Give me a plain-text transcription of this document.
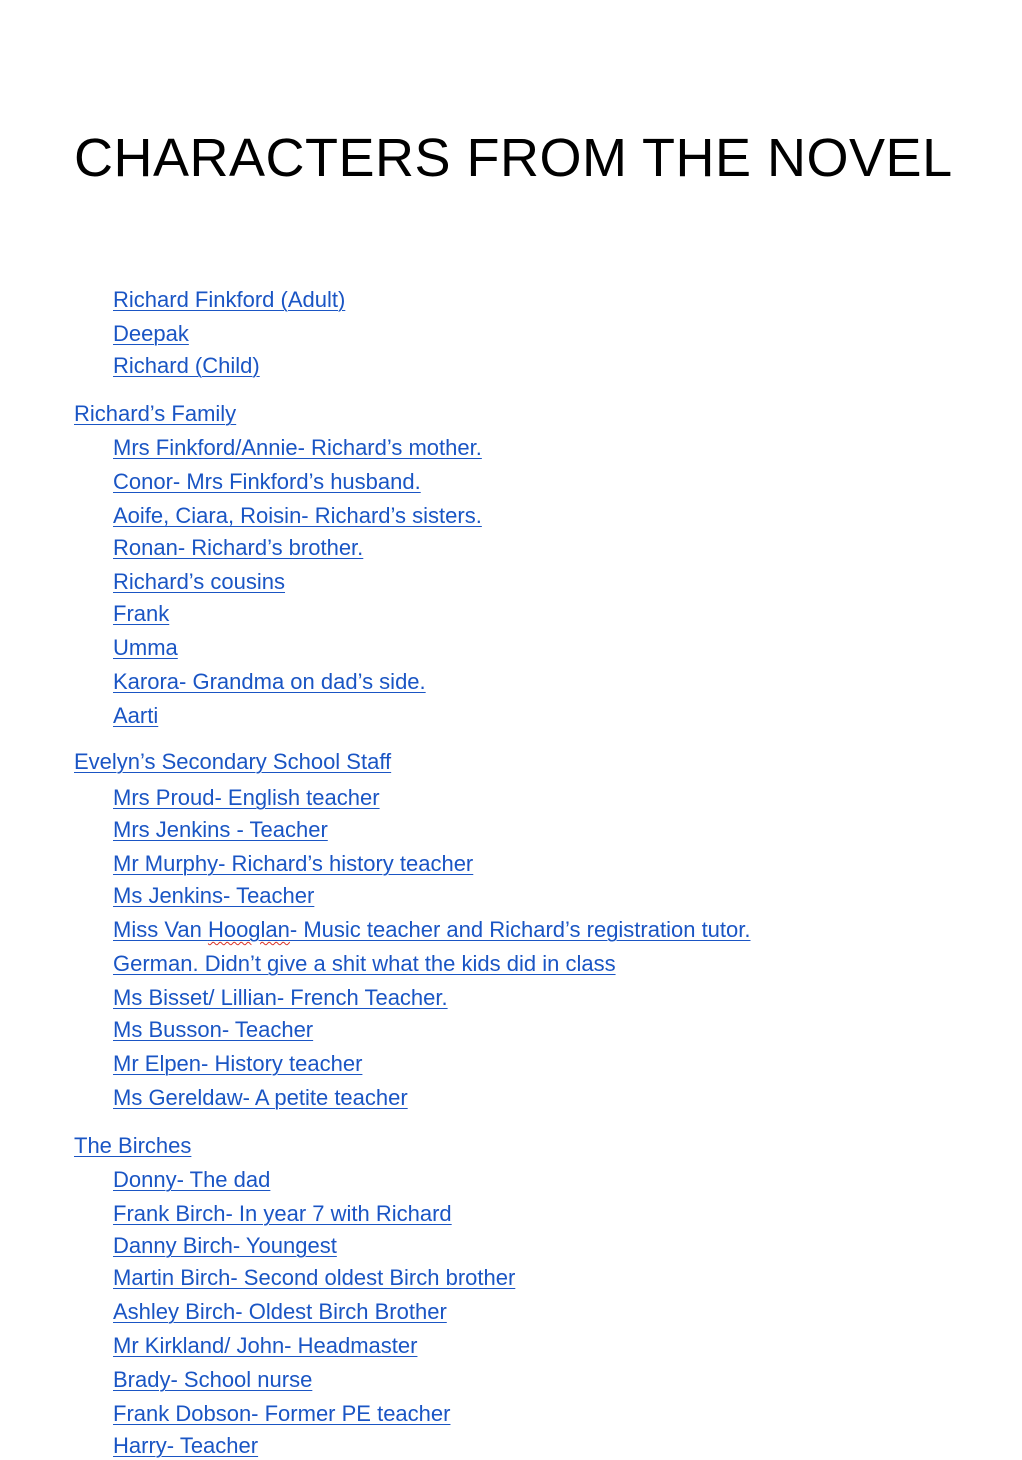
CHARACTERS FROM THE NOVEL
Richard Finkford (Adult)
Deepak
Richard (Child)
Richard’s Family
Mrs Finkford/Annie- Richard’s mother.
Conor- Mrs Finkford’s husband.
Aoife, Ciara, Roisin- Richard’s sisters.
Ronan- Richard’s brother.
Richard’s cousins
Frank
Umma
Karora- Grandma on dad’s side.
Aarti
Evelyn’s Secondary School Staff
Mrs Proud- English teacher
Mrs Jenkins - Teacher
Mr Murphy- Richard’s history teacher
Ms Jenkins- Teacher
Miss Van Hooglan- Music teacher and Richard’s registration tutor.
German. Didn’t give a shit what the kids did in class
Ms Bisset/ Lillian- French Teacher.
Ms Busson- Teacher
Mr Elpen- History teacher
Ms Gereldaw- A petite teacher
The Birches
Donny- The dad
Frank Birch- In year 7 with Richard
Danny Birch- Youngest
Martin Birch- Second oldest Birch brother
Ashley Birch- Oldest Birch Brother
Mr Kirkland/ John- Headmaster
Brady- School nurse
Frank Dobson- Former PE teacher
Harry- Teacher
